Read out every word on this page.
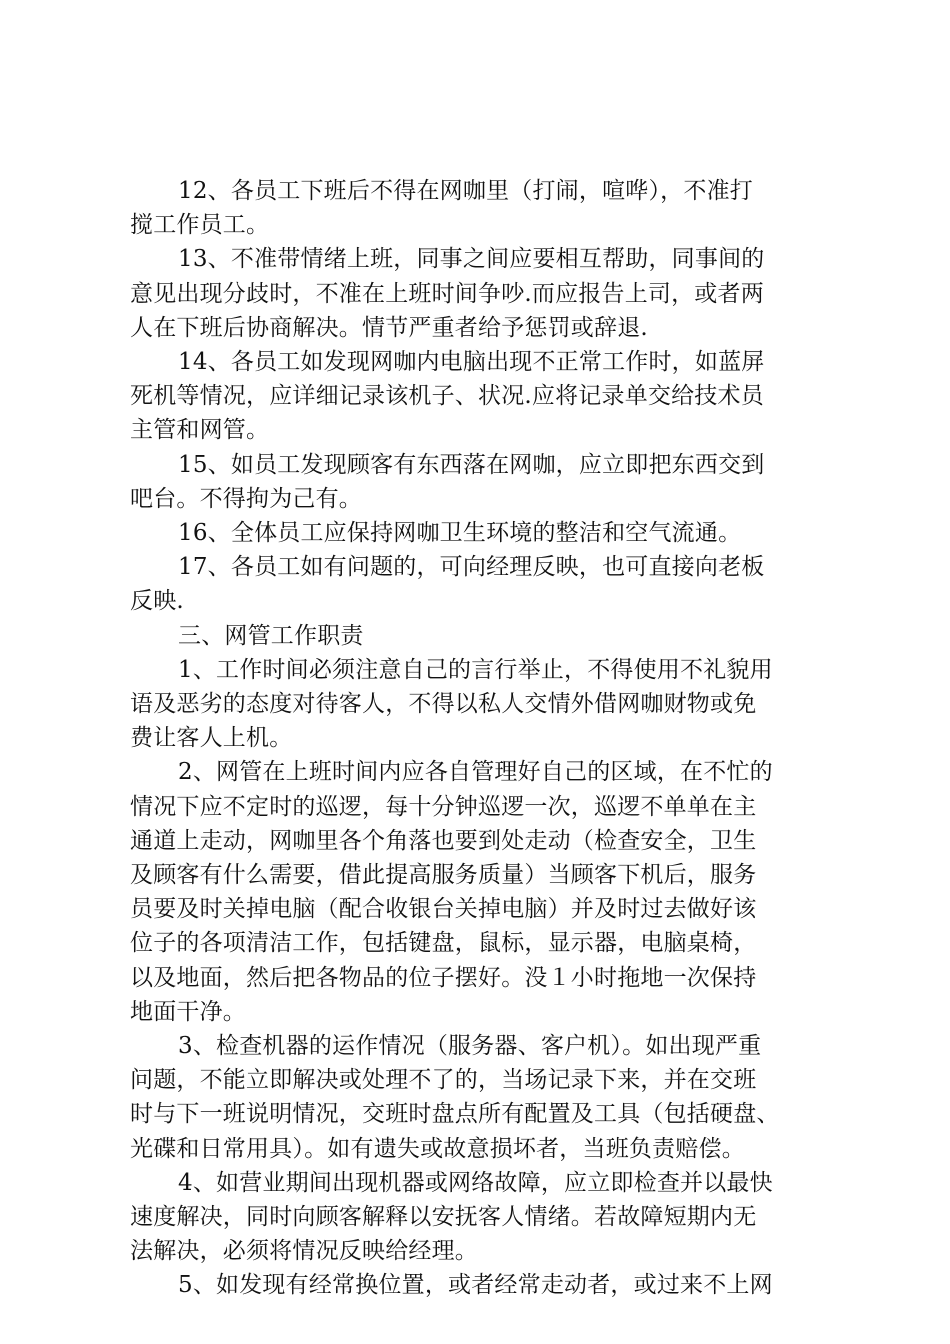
12、各员工下班后不得在网咖里（打闹，喧哗），不准打
搅工作员工。
13、不准带情绪上班，同事之间应要相互帮助，同事间的
意见出现分歧时，不准在上班时间争吵.而应报告上司，或者两
人在下班后协商解决。情节严重者给予惩罚或辞退.
14、各员工如发现网咖内电脑出现不正常工作时，如蓝屏
死机等情况，应详细记录该机子、状况.应将记录单交给技术员
主管和网管。
15、如员工发现顾客有东西落在网咖，应立即把东西交到
吧台。不得拘为己有。
16、全体员工应保持网咖卫生环境的整洁和空气流通。
17、各员工如有问题的，可向经理反映，也可直接向老板
反映.
三、网管工作职责
1、工作时间必须注意自己的言行举止，不得使用不礼貌用
语及恶劣的态度对待客人，不得以私人交情外借网咖财物或免
费让客人上机。
2、网管在上班时间内应各自管理好自己的区域，在不忙的
情况下应不定时的巡逻，每十分钟巡逻一次，巡逻不单单在主
通道上走动，网咖里各个角落也要到处走动（检查安全，卫生
及顾客有什么需要，借此提高服务质量）当顾客下机后，服务
员要及时关掉电脑（配合收银台关掉电脑）并及时过去做好该
位子的各项清洁工作，包括键盘，鼠标，显示器，电脑桌椅，
以及地面，然后把各物品的位子摆好。没１小时拖地一次保持
地面干净。
3、检查机器的运作情况（服务器、客户机）。如出现严重
问题，不能立即解决或处理不了的，当场记录下来，并在交班
时与下一班说明情况，交班时盘点所有配置及工具（包括硬盘、
光碟和日常用具）。如有遗失或故意损坏者，当班负责赔偿。
4、如营业期间出现机器或网络故障，应立即检查并以最快
速度解决，同时向顾客解释以安抚客人情绪。若故障短期内无
法解决，必须将情况反映给经理。
5、如发现有经常换位置，或者经常走动者，或过来不上网
